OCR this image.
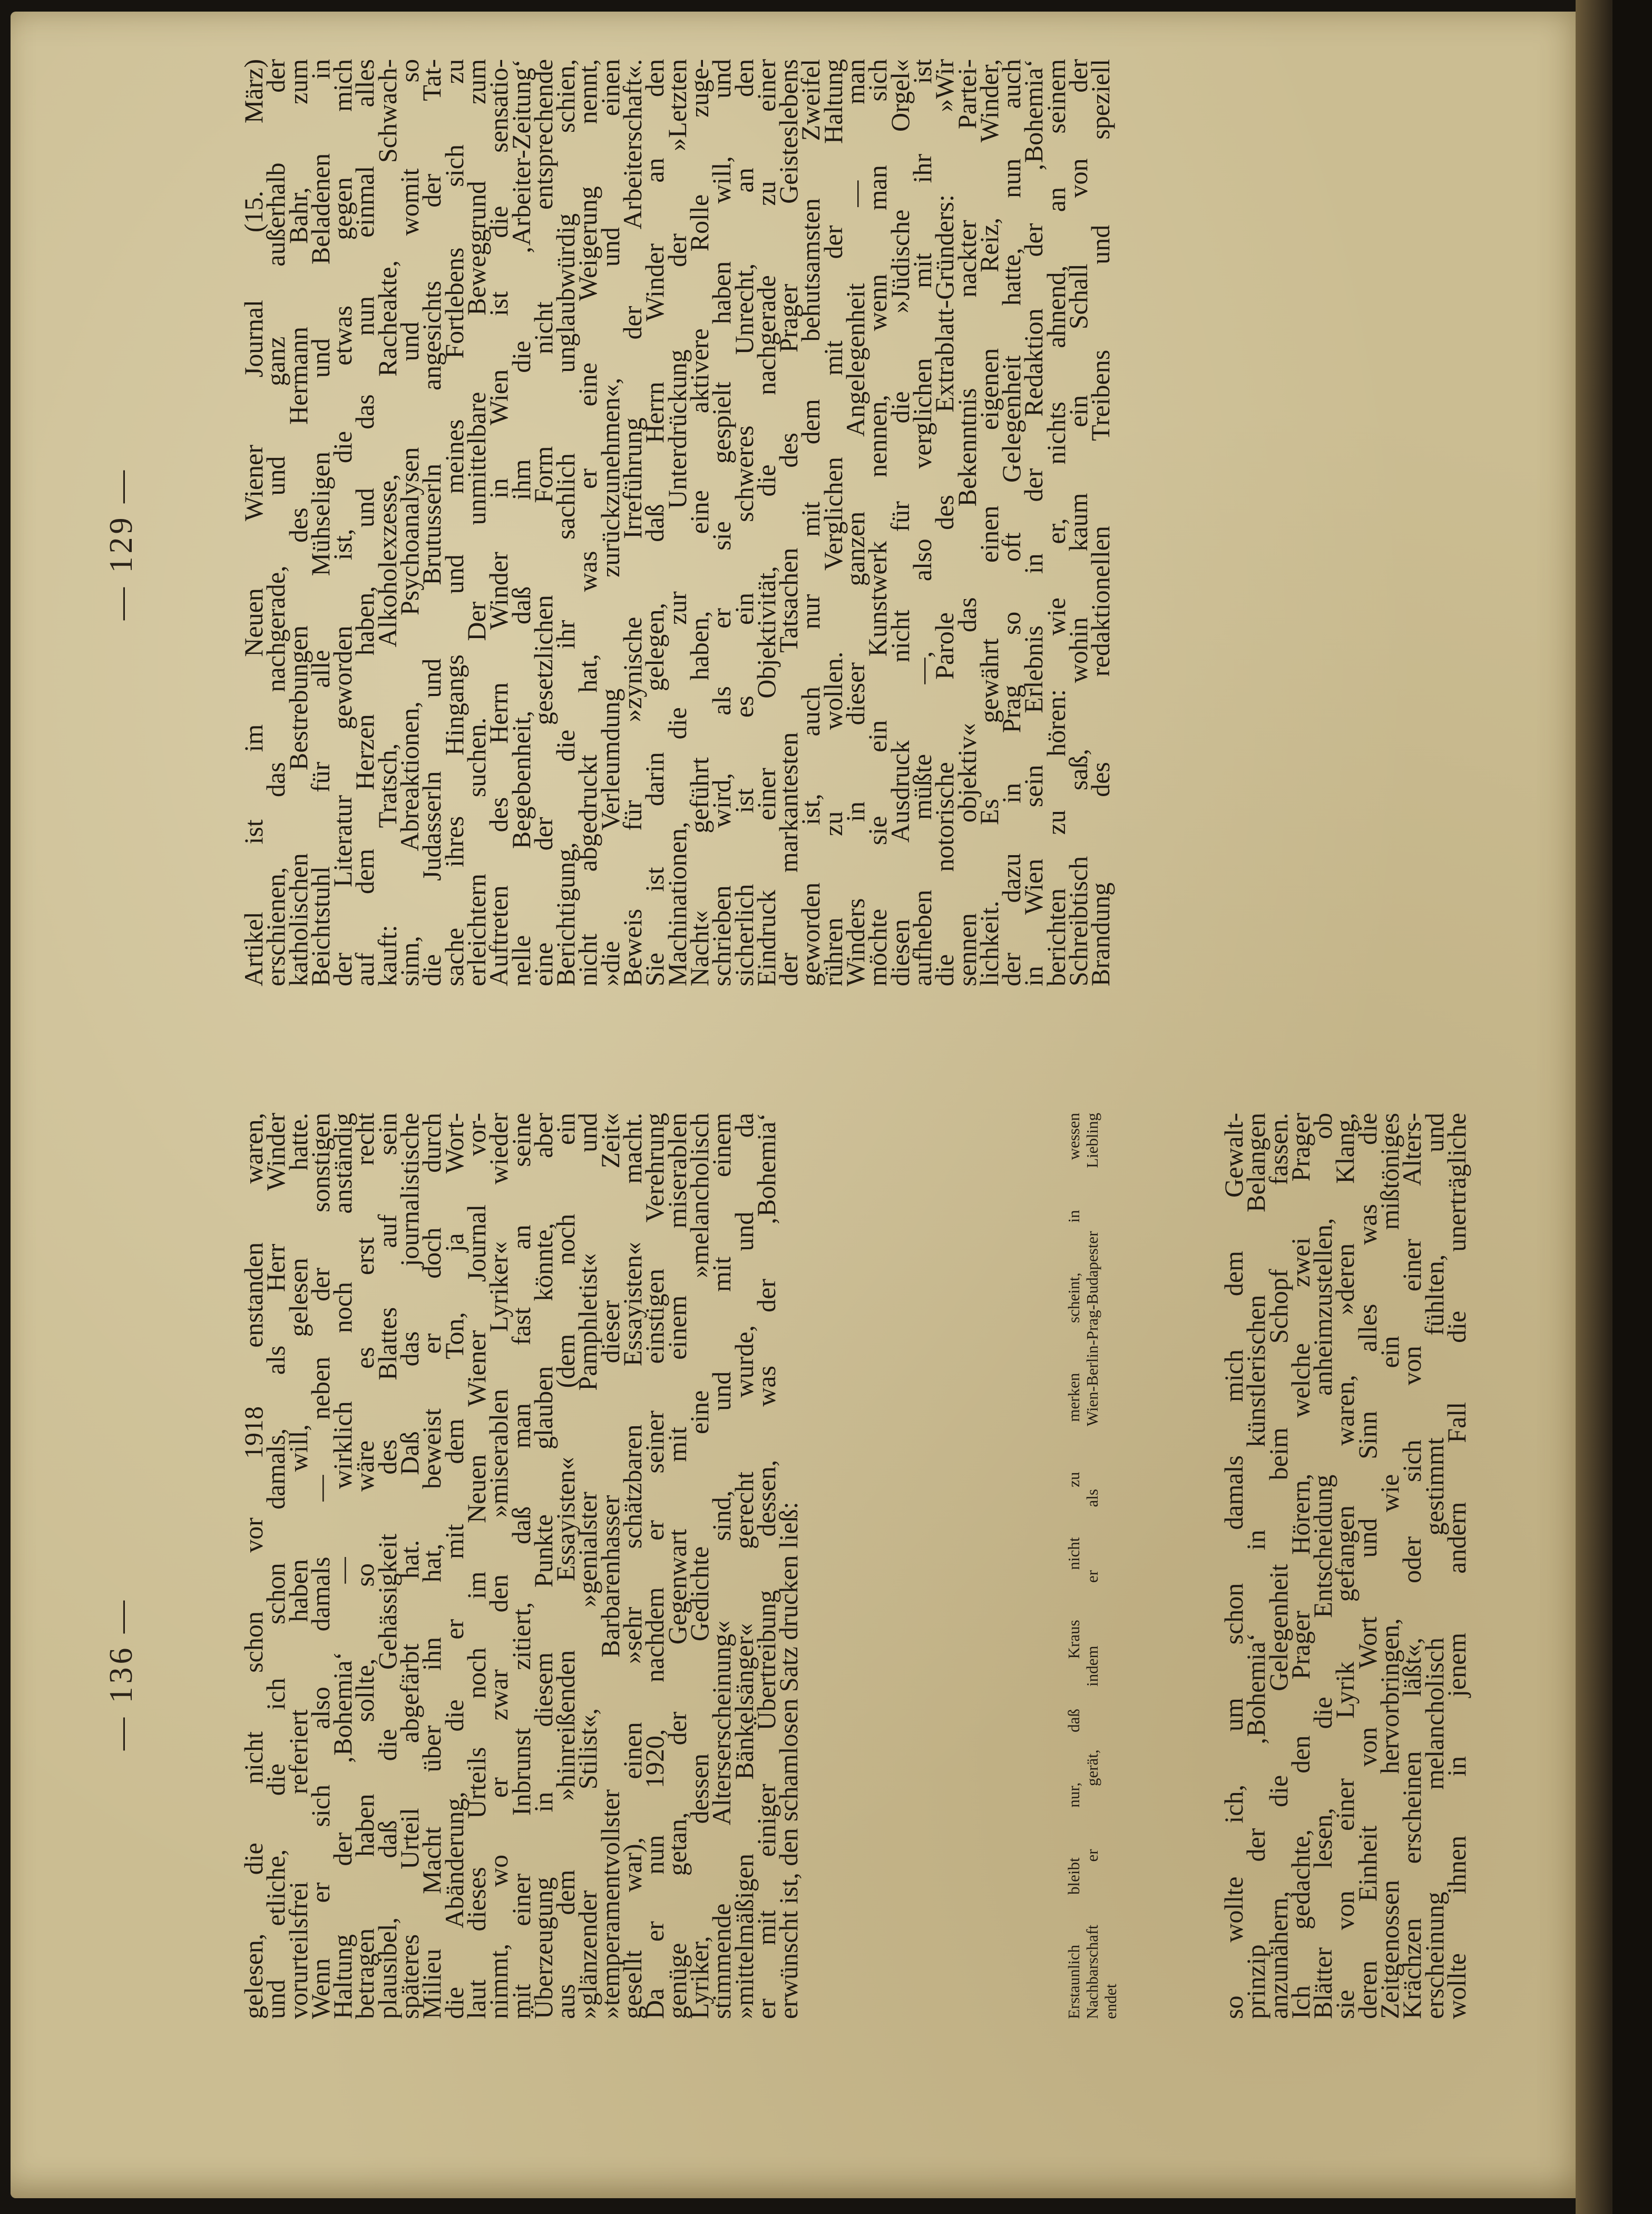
— 136 —	gelesen, die nicht schon vor 1918 enstanden waren,
und etliche, die ich schon damals, als Herr Winder
vorurteilsfrei referiert haben will, gelesen hatte.
Wenn er sich also damals — neben der sonstigen
Haltung der ‚Bohemia‘ — wirklich noch anständig
betragen haben sollte, so wäre es erst recht
plausibel, daß die Gehässigkeit des Blattes auf sein
späteres Urteil abgefärbt hat. Daß das journalistische
Milieu Macht über ihn hat, beweist er doch durch
die Abänderung, die er mit dem Ton, ja Wort-
laut dieses Urteils noch im Neuen Wiener Journal vor-
nimmt, wo er zwar den »miserablen Lyriker« wieder
mit einer Inbrunst zitiert, daß man fast an seine
Überzeugung in diesem Punkte glauben könnte, aber
aus dem »hinreißenden Essayisten« (dem noch ein
»glänzender Stilist«, »genialster Pamphletist« und
»temperamentvollster Barbarenhasser dieser Zeit«
gesellt war), einen »sehr schätzbaren Essayisten« macht.
Da er nun 1920, nachdem er seiner einstigen Verehrung
genüge getan, der Gegenwart mit einem miserablen
Lyriker, dessen Gedichte eine »melancholisch
stimmende Alterserscheinung« sind, und mit einem
»mittelmäßigen Bänkelsänger« gerecht wurde, und da
er mit einiger Übertreibung dessen, was der ‚Bohemia‘
erwünscht ist, den schamlosen Satz drucken ließ:	Erstaunlich bleibt nur, daß Kraus nicht zu merken scheint, in wessen Nachbarschaft er gerät, indem er als Wien-Berlin-Prag-Budapester Liebling endet	so wollte ich, um schon damals mich dem Gewalt-
prinzip der ‚Bohemia‘ in künstlerischen Belangen
anzunähern, die Gelegenheit beim Schopf fassen.
Ich gedachte, den Prager Hörern, welche zwei Prager
Blätter lesen, die Entscheidung anheimzustellen, ob
sie von einer Lyrik gefangen waren, »deren Klang,
deren Einheit von Wort und Sinn alles was die
Zeitgenossen hervorbringen, wie ein mißtöniges
Krächzen erscheinen läßt«, oder sich von einer Alters-
erscheinung melancholisch gestimmt fühlten, und
wollte ihnen in jenem andern Fall die unerträgliche
— 129 —	Artikel ist im Neuen Wiener Journal (15. März)
erschienen, das nachgerade, und ganz außerhalb der
katholischen Bestrebungen des Hermann Bahr, zum
Beichtstuhl für alle Mühseligen und Beladenen in
der Literatur geworden ist, die etwas gegen mich
auf dem Herzen haben, und das nun einmal alles
kauft: Tratsch, Alkoholexzesse, Racheakte, Schwach-
sinn, Abreaktionen, Psychoanalysen und womit so
die Judasserln und Brutusserln angesichts der Tat-
sache ihres Hingangs und meines Fortlebens sich zu
erleichtern suchen. Der unmittelbare Beweggrund zum
Auftreten des Herrn Winder in Wien ist die sensatio-
nelle Begebenheit, daß ihm die ‚Arbeiter-Zeitung‘
eine der gesetzlichen Form nicht entsprechende
Berichtigung, die ihr sachlich unglaubwürdig schien,
nicht abgedruckt hat, was er eine Weigerung nennt,
»die Verleumdung zurückzunehmen«, und einen
Beweis für »zynische Irreführung der Arbeiterschaft«.
Sie ist darin gelegen, daß Herrn Winder an den
Machinationen, die zur Unterdrückung der »Letzten
Nacht« geführt haben, eine aktivere Rolle zuge-
schrieben wird, als er sie gespielt haben will, und
sicherlich ist es ein schweres Unrecht, an den
Eindruck einer Objektivität, die nachgerade zu einer
der markantesten Tatsachen des Prager Geisteslebens
geworden ist, auch nur mit dem behutsamsten Zweifel
rühren zu wollen. Verglichen mit der Haltung
Winders in dieser ganzen Angelegenheit — man
möchte sie ein Kunstwerk nennen, wenn man sich
diesen Ausdruck nicht für die »Jüdische Orgel«
aufheben müßte —, also verglichen mit ihr ist
die notorische Parole des Extrablatt-Gründers: »Wir
sennen objektiv« das Bekenntnis nackter Partei-
lichkeit. Es gewährt einen eigenen Reiz, Winder,
der dazu in Prag so oft Gelegenheit hatte, nun auch
in Wien sein Erlebnis in der Redaktion der ‚Bohemia‘
berichten zu hören: wie er, nichts ahnend, an seinem
Schreibtisch saß, wohin kaum ein Schall von der
Brandung des redaktionellen Treibens und speziell
